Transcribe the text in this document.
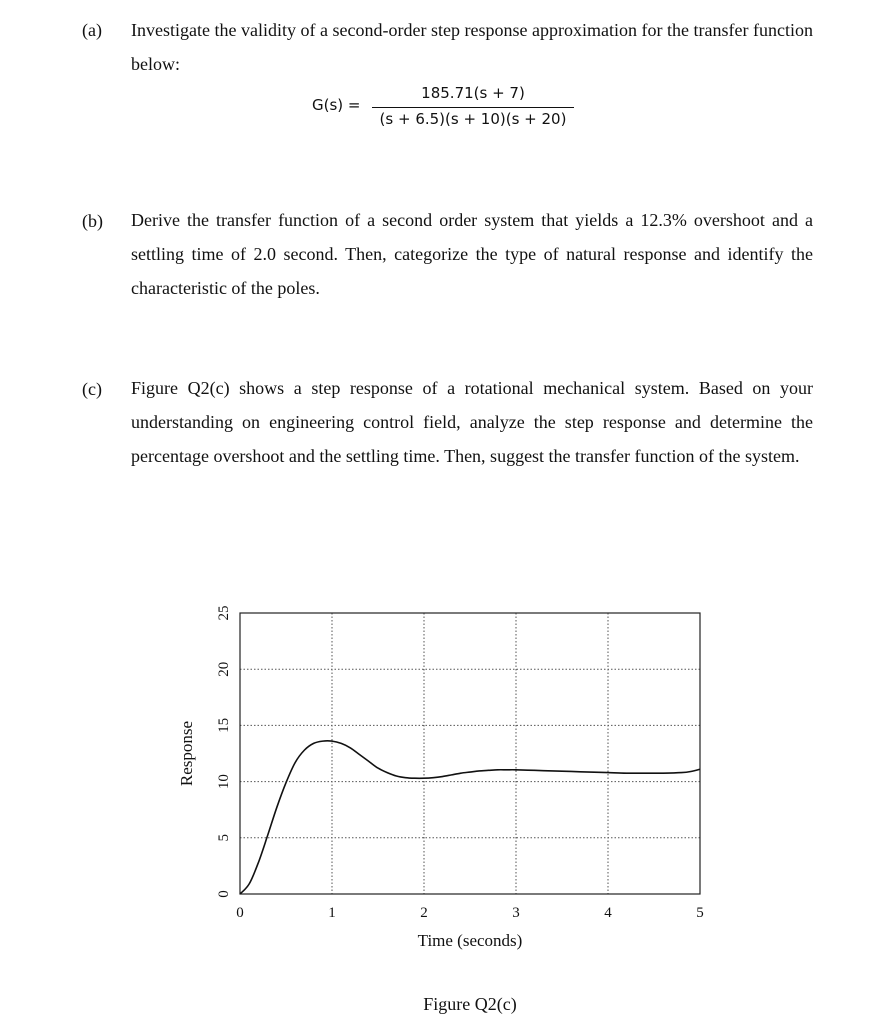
(a) Investigate the validity of a second-order step response approximation for the transfer function below:
G(s) =
185.71(s + 7)
(s + 6.5)(s + 10)(s + 20)
(b) Derive the transfer function of a second order system that yields a 12.3% overshoot and a settling time of 2.0 second. Then, categorize the type of natural response and identify the characteristic of the poles.
(c) Figure Q2(c) shows a step response of a rotational mechanical system. Based on your understanding on engineering control field, analyze the step response and determine the percentage overshoot and the settling time. Then, suggest the transfer function of the system.
0	1	2	3	4	5
0
5
10
15
20
25
Time (seconds)
Response
Figure Q2(c)
